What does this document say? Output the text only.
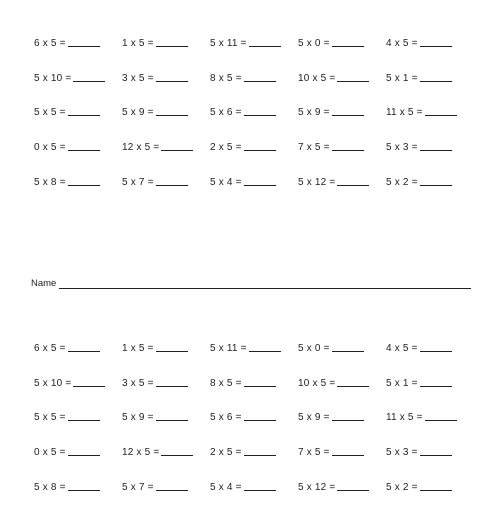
6 x 5 =	1 x 5 =	5 x 11 =	5 x 0 =	4 x 5 =
5 x 10 =	3 x 5 =	8 x 5 =	10 x 5 =	5 x 1 =
5 x 5 =	5 x 9 =	5 x 6 =	5 x 9 =	11 x 5 =
0 x 5 =	12 x 5 =	2 x 5 =	7 x 5 =	5 x 3 =
5 x 8 =	5 x 7 =	5 x 4 =	5 x 12 =	5 x 2 =
Name
6 x 5 =	1 x 5 =	5 x 11 =	5 x 0 =	4 x 5 =
5 x 10 =	3 x 5 =	8 x 5 =	10 x 5 =	5 x 1 =
5 x 5 =	5 x 9 =	5 x 6 =	5 x 9 =	11 x 5 =
0 x 5 =	12 x 5 =	2 x 5 =	7 x 5 =	5 x 3 =
5 x 8 =	5 x 7 =	5 x 4 =	5 x 12 =	5 x 2 =
